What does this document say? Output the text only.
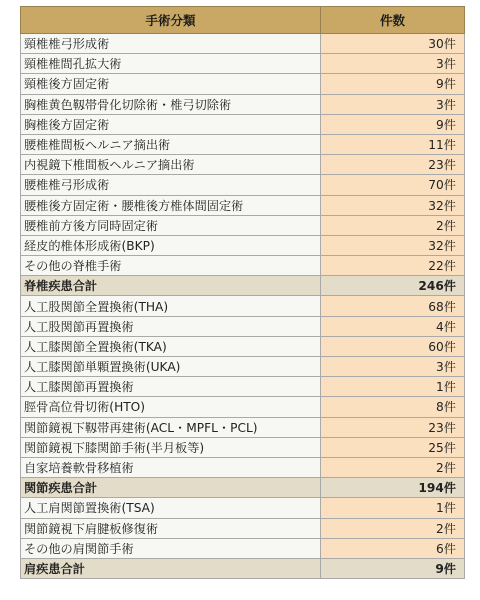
手術分類	件数
頸椎椎弓形成術	30件
頸椎椎間孔拡大術	3件
頸椎後方固定術	9件
胸椎黄色靱帯骨化切除術・椎弓切除術	3件
胸椎後方固定術	9件
腰椎椎間板ヘルニア摘出術	11件
内視鏡下椎間板ヘルニア摘出術	23件
腰椎椎弓形成術	70件
腰椎後方固定術・腰椎後方椎体間固定術	32件
腰椎前方後方同時固定術	2件
経皮的椎体形成術(BKP)	32件
その他の脊椎手術	22件
脊椎疾患合計	246件
人工股関節全置換術(THA)	68件
人工股関節再置換術	4件
人工膝関節全置換術(TKA)	60件
人工膝関節単顆置換術(UKA)	3件
人工膝関節再置換術	1件
脛骨高位骨切術(HTO)	8件
関節鏡視下靱帯再建術(ACL・MPFL・PCL)	23件
関節鏡視下膝関節手術(半月板等)	25件
自家培養軟骨移植術	2件
関節疾患合計	194件
人工肩関節置換術(TSA)	1件
関節鏡視下肩腱板修復術	2件
その他の肩関節手術	6件
肩疾患合計	9件
